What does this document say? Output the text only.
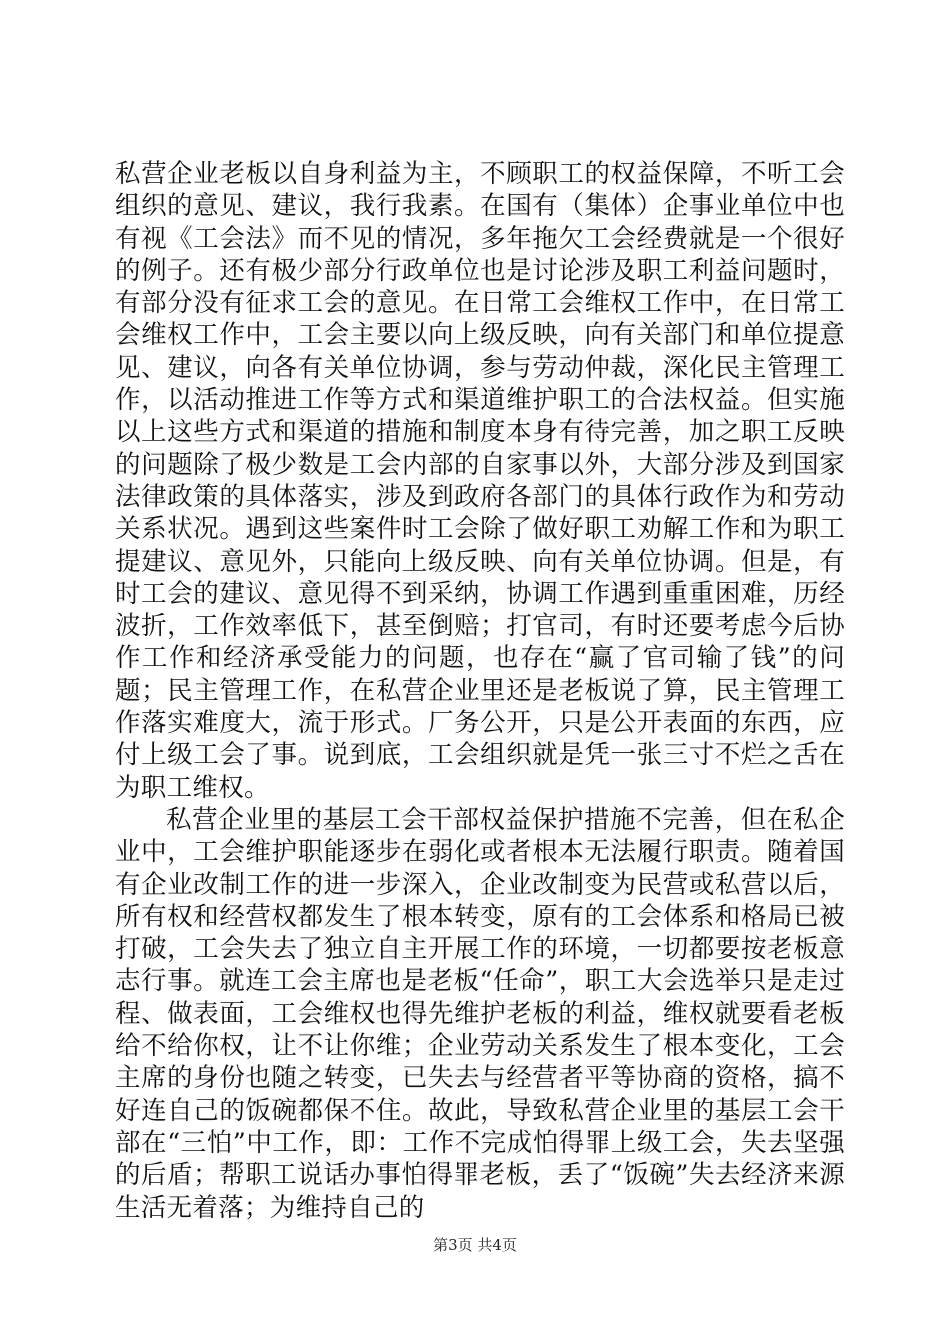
私营企业老板以自身利益为主，不顾职工的权益保障，不听工会组织的意见、建议，我行我素。在国有（集体）企事业单位中也有视《工会法》而不见的情况，多年拖欠工会经费就是一个很好的例子。还有极少部分行政单位也是讨论涉及职工利益问题时，有部分没有征求工会的意见。在日常工会维权工作中，在日常工会维权工作中，工会主要以向上级反映，向有关部门和单位提意见、建议，向各有关单位协调，参与劳动仲裁，深化民主管理工作，以活动推进工作等方式和渠道维护职工的合法权益。但实施以上这些方式和渠道的措施和制度本身有待完善，加之职工反映的问题除了极少数是工会内部的自家事以外，大部分涉及到国家法律政策的具体落实，涉及到政府各部门的具体行政作为和劳动关系状况。遇到这些案件时工会除了做好职工劝解工作和为职工提建议、意见外，只能向上级反映、向有关单位协调。但是，有时工会的建议、意见得不到采纳，协调工作遇到重重困难，历经波折，工作效率低下，甚至倒赔；打官司，有时还要考虑今后协作工作和经济承受能力的问题，也存在“赢了官司输了钱”的问题；民主管理工作，在私营企业里还是老板说了算，民主管理工作落实难度大，流于形式。厂务公开，只是公开表面的东西，应付上级工会了事。说到底，工会组织就是凭一张三寸不烂之舌在为职工维权。

私营企业里的基层工会干部权益保护措施不完善，但在私企业中，工会维护职能逐步在弱化或者根本无法履行职责。随着国有企业改制工作的进一步深入，企业改制变为民营或私营以后，所有权和经营权都发生了根本转变，原有的工会体系和格局已被打破，工会失去了独立自主开展工作的环境，一切都要按老板意志行事。就连工会主席也是老板“任命”，职工大会选举只是走过程、做表面，工会维权也得先维护老板的利益，维权就要看老板给不给你权，让不让你维；企业劳动关系发生了根本变化，工会主席的身份也随之转变，已失去与经营者平等协商的资格，搞不好连自己的饭碗都保不住。故此，导致私营企业里的基层工会干部在“三怕”中工作，即：工作不完成怕得罪上级工会，失去坚强的后盾；帮职工说话办事怕得罪老板，丢了“饭碗”失去经济来源生活无着落；为维持自己的

第3页 共4页
